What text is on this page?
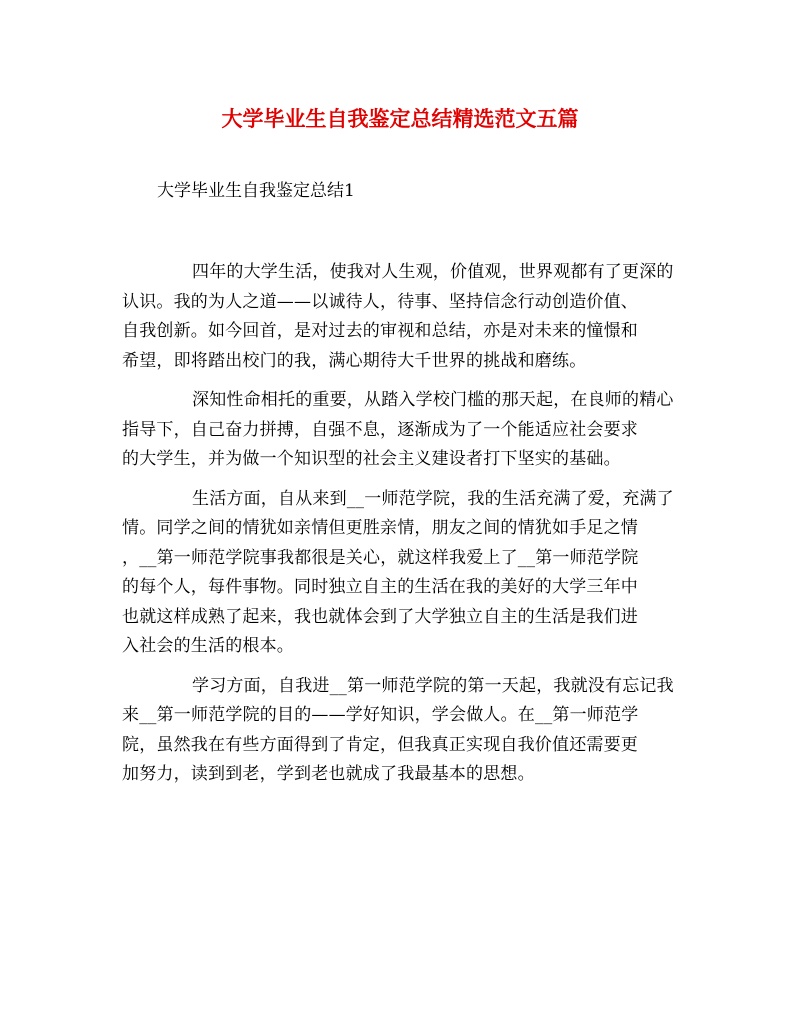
大学毕业生自我鉴定总结精选范文五篇

大学毕业生自我鉴定总结1

四年的大学生活，使我对人生观，价值观，世界观都有了更深的
认识。我的为人之道——以诚待人，待事、坚持信念行动创造价值、
自我创新。如今回首，是对过去的审视和总结，亦是对未来的憧憬和
希望，即将踏出校门的我，满心期待大千世界的挑战和磨练。
深知性命相托的重要，从踏入学校门槛的那天起，在良师的精心
指导下，自己奋力拼搏，自强不息，逐渐成为了一个能适应社会要求
的大学生，并为做一个知识型的社会主义建设者打下坚实的基础。
生活方面，自从来到__一师范学院，我的生活充满了爱，充满了
情。同学之间的情犹如亲情但更胜亲情，朋友之间的情犹如手足之情
，__第一师范学院事我都很是关心，就这样我爱上了__第一师范学院
的每个人，每件事物。同时独立自主的生活在我的美好的大学三年中
也就这样成熟了起来，我也就体会到了大学独立自主的生活是我们进
入社会的生活的根本。
学习方面，自我进__第一师范学院的第一天起，我就没有忘记我
来__第一师范学院的目的——学好知识，学会做人。在__第一师范学
院，虽然我在有些方面得到了肯定，但我真正实现自我价值还需要更
加努力，读到到老，学到老也就成了我最基本的思想。
